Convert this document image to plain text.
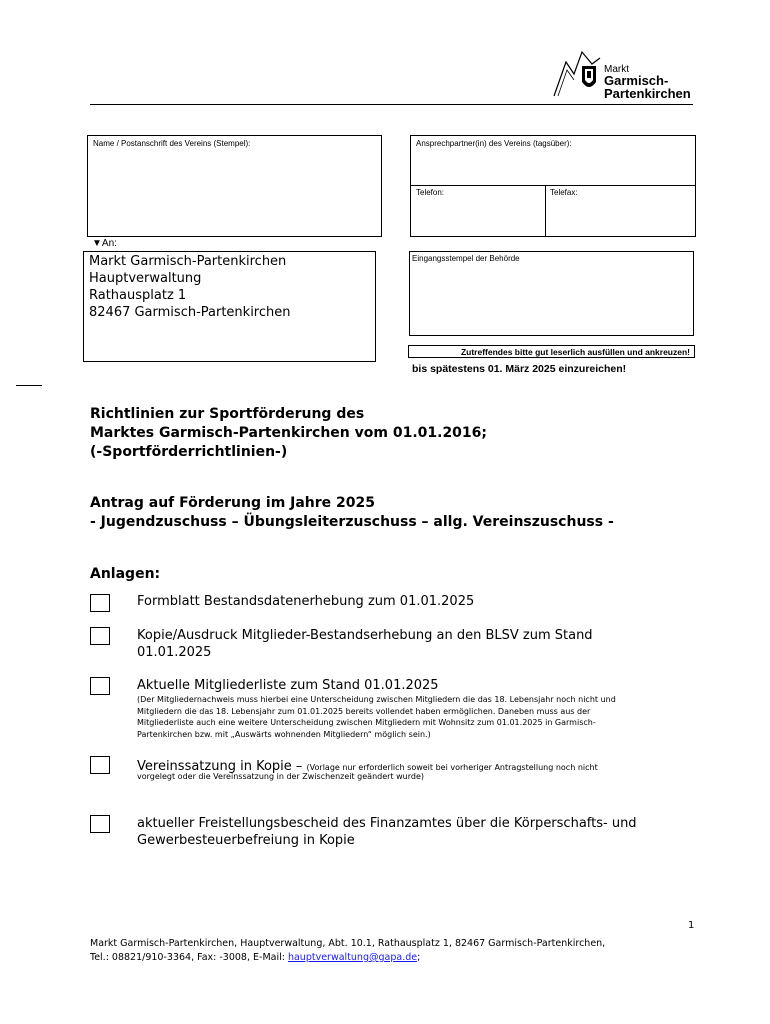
Markt
Garmisch-
Partenkirchen
Name / Postanschrift des Vereins (Stempel):	Ansprechpartner(in) des Vereins (tagsüber):
Telefon:	Telefax:
▼An:
Markt Garmisch-Partenkirchen
Hauptverwaltung
Rathausplatz 1
82467 Garmisch-Partenkirchen
Eingangsstempel der Behörde
Zutreffendes bitte gut leserlich ausfüllen und ankreuzen!
bis spätestens 01. März 2025 einzureichen!
Richtlinien zur Sportförderung des
Marktes Garmisch-Partenkirchen vom 01.01.2016;
(-Sportförderrichtlinien-)
Antrag auf Förderung im Jahre 2025
- Jugendzuschuss – Übungsleiterzuschuss – allg. Vereinszuschuss -
Anlagen:
Formblatt Bestandsdatenerhebung zum 01.01.2025
Kopie/Ausdruck Mitglieder-Bestandserhebung an den BLSV zum Stand
01.01.2025
Aktuelle Mitgliederliste zum Stand 01.01.2025
(Der Mitgliedernachweis muss hierbei eine Unterscheidung zwischen Mitgliedern die das 18. Lebensjahr noch nicht und
Mitgliedern die das 18. Lebensjahr zum 01.01.2025 bereits vollendet haben ermöglichen. Daneben muss aus der
Mitgliederliste auch eine weitere Unterscheidung zwischen Mitgliedern mit Wohnsitz zum 01.01.2025 in Garmisch-
Partenkirchen bzw. mit „Auswärts wohnenden Mitgliedern“ möglich sein.)
Vereinssatzung in Kopie – (Vorlage nur erforderlich soweit bei vorheriger Antragstellung noch nicht
vorgelegt oder die Vereinssatzung in der Zwischenzeit geändert wurde)
aktueller Freistellungsbescheid des Finanzamtes über die Körperschafts- und
Gewerbesteuerbefreiung in Kopie
1
Markt Garmisch-Partenkirchen, Hauptverwaltung, Abt. 10.1, Rathausplatz 1, 82467 Garmisch-Partenkirchen,
Tel.: 08821/910-3364, Fax: -3008, E-Mail: hauptverwaltung@gapa.de;
